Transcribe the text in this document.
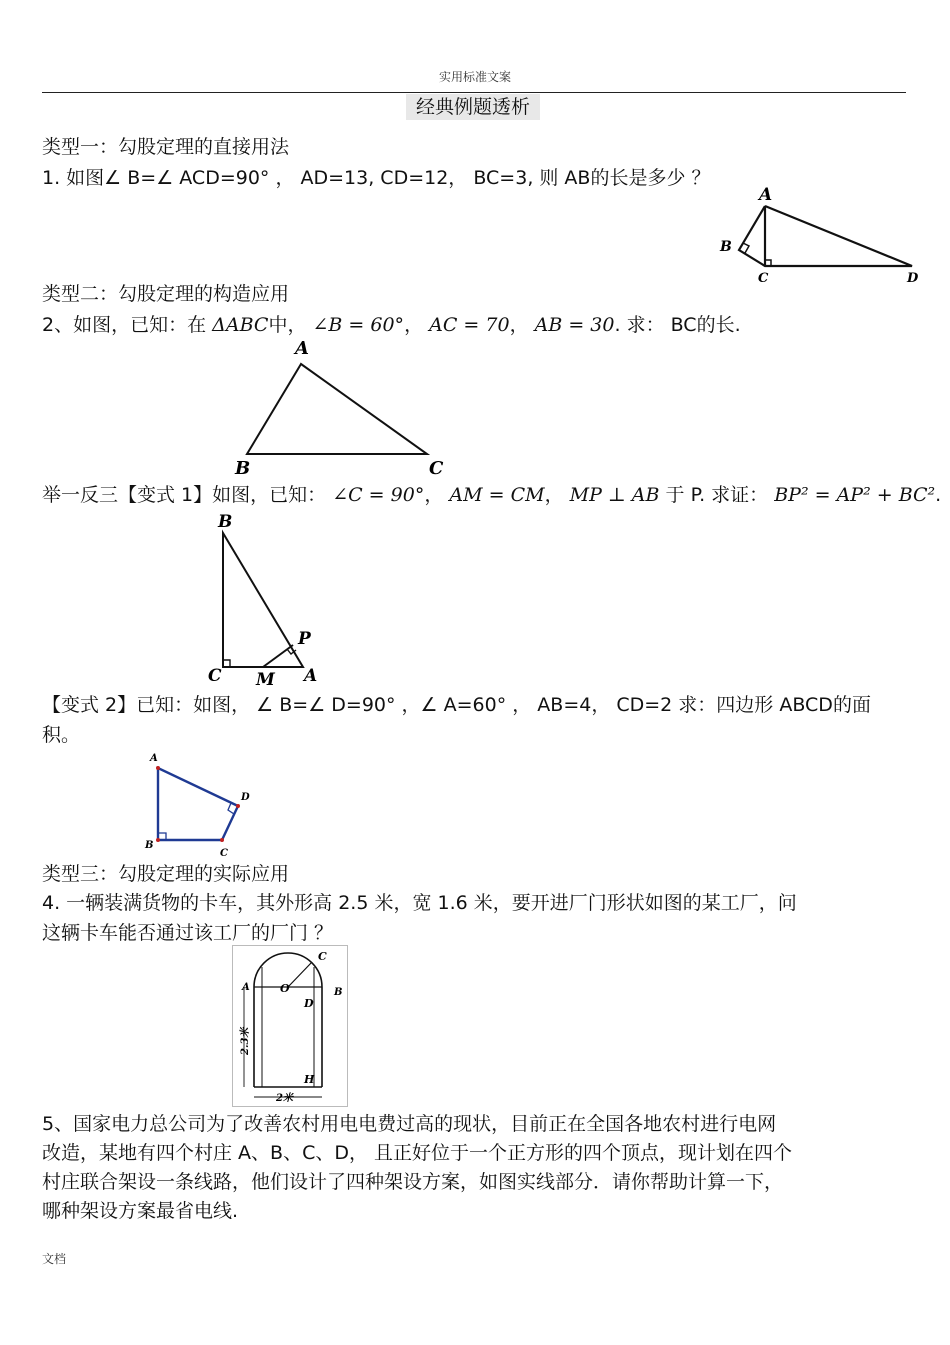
实用标准文案
经典例题透析
类型一：勾股定理的直接用法
1. 如图∠ B=∠ ACD=90° ， AD=13, CD=12， BC=3, 则 AB的长是多少 ？
A
B
C	D
类型二：勾股定理的构造应用
2、如图，已知：在 ΔABC中， ∠B = 60°， AC = 70， AB = 30. 求： BC的长.
A
B	C
举一反三【变式 1】如图，已知： ∠C = 90°， AM = CM， MP ⊥ AB 于 P. 求证： BP² = AP² + BC².
B
P
C M A
【变式 2】已知：如图， ∠ B=∠ D=90° ，∠ A=60° ， AB=4， CD=2 求：四边形 ABCD的面
积。
A
B
C
D
类型三：勾股定理的实际应用
4. 一辆装满货物的卡车，其外形高 2.5 米，宽 1.6 米，要开进厂门形状如图的某工厂，问
这辆卡车能否通过该工厂的厂门 ？
C
A	O
D
B
H
2.3米
2米
5、国家电力总公司为了改善农村用电电费过高的现状，目前正在全国各地农村进行电网
改造，某地有四个村庄 A、B、C、D， 且正好位于一个正方形的四个顶点，现计划在四个
村庄联合架设一条线路，他们设计了四种架设方案，如图实线部分．请你帮助计算一下，
哪种架设方案最省电线.
文档
